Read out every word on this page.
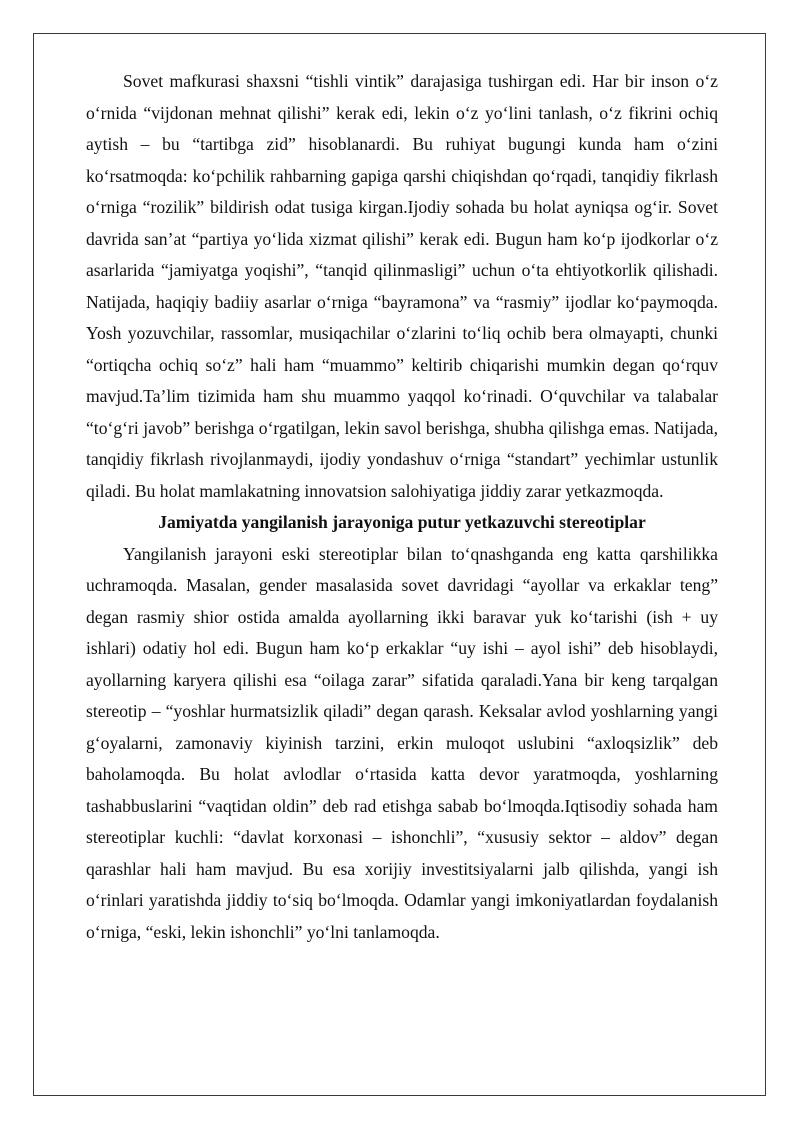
Sovet mafkurasi shaxsni “tishli vintik” darajasiga tushirgan edi. Har bir inson o‘z o‘rnida “vijdonan mehnat qilishi” kerak edi, lekin o‘z yo‘lini tanlash, o‘z fikrini ochiq aytish – bu “tartibga zid” hisoblanardi. Bu ruhiyat bugungi kunda ham o‘zini ko‘rsatmoqda: ko‘pchilik rahbarning gapiga qarshi chiqishdan qo‘rqadi, tanqidiy fikrlash o‘rniga “rozilik” bildirish odat tusiga kirgan.Ijodiy sohada bu holat ayniqsa og‘ir. Sovet davrida san’at “partiya yo‘lida xizmat qilishi” kerak edi. Bugun ham ko‘p ijodkorlar o‘z asarlarida “jamiyatga yoqishi”, “tanqid qilinmasligi” uchun o‘ta ehtiyotkorlik qilishadi. Natijada, haqiqiy badiiy asarlar o‘rniga “bayramona” va “rasmiy” ijodlar ko‘paymoqda. Yosh yozuvchilar, rassomlar, musiqachilar o‘zlarini to‘liq ochib bera olmayapti, chunki “ortiqcha ochiq so‘z” hali ham “muammo” keltirib chiqarishi mumkin degan qo‘rquv mavjud.Ta’lim tizimida ham shu muammo yaqqol ko‘rinadi. O‘quvchilar va talabalar “to‘g‘ri javob” berishga o‘rgatilgan, lekin savol berishga, shubha qilishga emas. Natijada, tanqidiy fikrlash rivojlanmaydi, ijodiy yondashuv o‘rniga “standart” yechimlar ustunlik qiladi. Bu holat mamlakatning innovatsion salohiyatiga jiddiy zarar yetkazmoqda.

Jamiyatda yangilanish jarayoniga putur yetkazuvchi stereotiplar

Yangilanish jarayoni eski stereotiplar bilan to‘qnashganda eng katta qarshilikka uchramoqda. Masalan, gender masalasida sovet davridagi “ayollar va erkaklar teng” degan rasmiy shior ostida amalda ayollarning ikki baravar yuk ko‘tarishi (ish + uy ishlari) odatiy hol edi. Bugun ham ko‘p erkaklar “uy ishi – ayol ishi” deb hisoblaydi, ayollarning karyera qilishi esa “oilaga zarar” sifatida qaraladi.Yana bir keng tarqalgan stereotip – “yoshlar hurmatsizlik qiladi” degan qarash. Keksalar avlod yoshlarning yangi g‘oyalarni, zamonaviy kiyinish tarzini, erkin muloqot uslubini “axloqsizlik” deb baholamoqda. Bu holat avlodlar o‘rtasida katta devor yaratmoqda, yoshlarning tashabbuslarini “vaqtidan oldin” deb rad etishga sabab bo‘lmoqda.Iqtisodiy sohada ham stereotiplar kuchli: “davlat korxonasi – ishonchli”, “xususiy sektor – aldov” degan qarashlar hali ham mavjud. Bu esa xorijiy investitsiyalarni jalb qilishda, yangi ish o‘rinlari yaratishda jiddiy to‘siq bo‘lmoqda. Odamlar yangi imkoniyatlardan foydalanish o‘rniga, “eski, lekin ishonchli” yo‘lni tanlamoqda.
